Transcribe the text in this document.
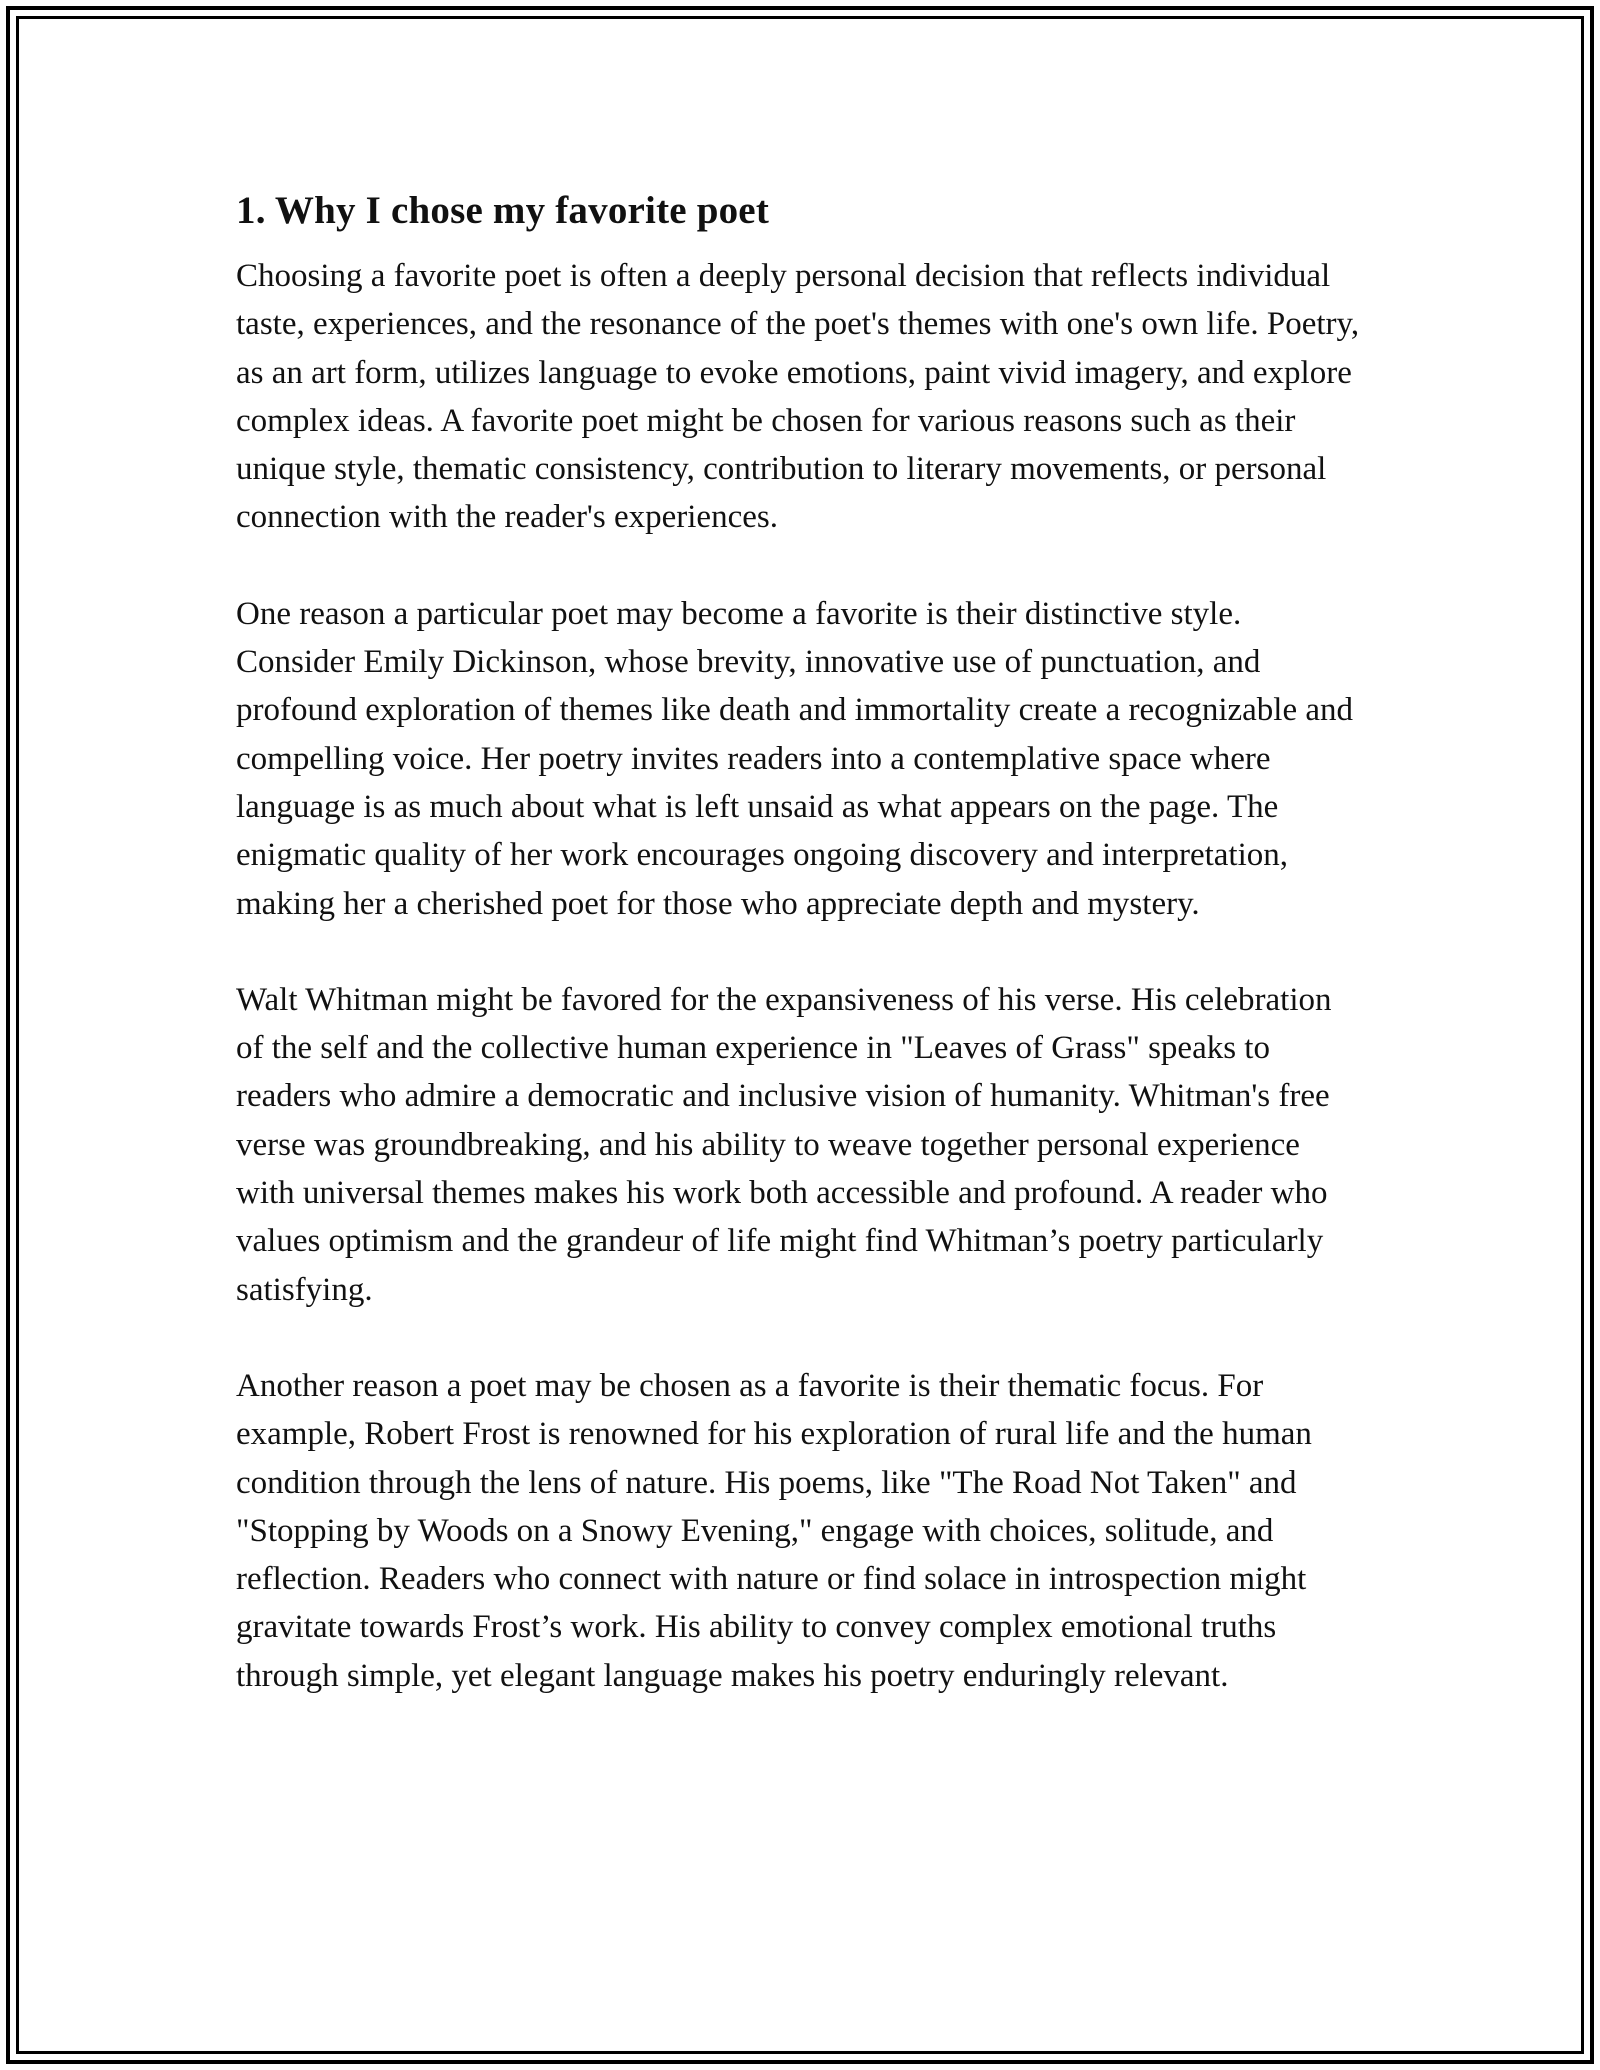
1. Why I chose my favorite poet

Choosing a favorite poet is often a deeply personal decision that reflects individual taste, experiences, and the resonance of the poet's themes with one's own life. Poetry, as an art form, utilizes language to evoke emotions, paint vivid imagery, and explore complex ideas. A favorite poet might be chosen for various reasons such as their unique style, thematic consistency, contribution to literary movements, or personal connection with the reader's experiences.

One reason a particular poet may become a favorite is their distinctive style. Consider Emily Dickinson, whose brevity, innovative use of punctuation, and profound exploration of themes like death and immortality create a recognizable and compelling voice. Her poetry invites readers into a contemplative space where language is as much about what is left unsaid as what appears on the page. The enigmatic quality of her work encourages ongoing discovery and interpretation, making her a cherished poet for those who appreciate depth and mystery.

Walt Whitman might be favored for the expansiveness of his verse. His celebration of the self and the collective human experience in "Leaves of Grass" speaks to readers who admire a democratic and inclusive vision of humanity. Whitman's free verse was groundbreaking, and his ability to weave together personal experience with universal themes makes his work both accessible and profound. A reader who values optimism and the grandeur of life might find Whitman’s poetry particularly satisfying.

Another reason a poet may be chosen as a favorite is their thematic focus. For example, Robert Frost is renowned for his exploration of rural life and the human condition through the lens of nature. His poems, like "The Road Not Taken" and "Stopping by Woods on a Snowy Evening," engage with choices, solitude, and reflection. Readers who connect with nature or find solace in introspection might gravitate towards Frost’s work. His ability to convey complex emotional truths through simple, yet elegant language makes his poetry enduringly relevant.
